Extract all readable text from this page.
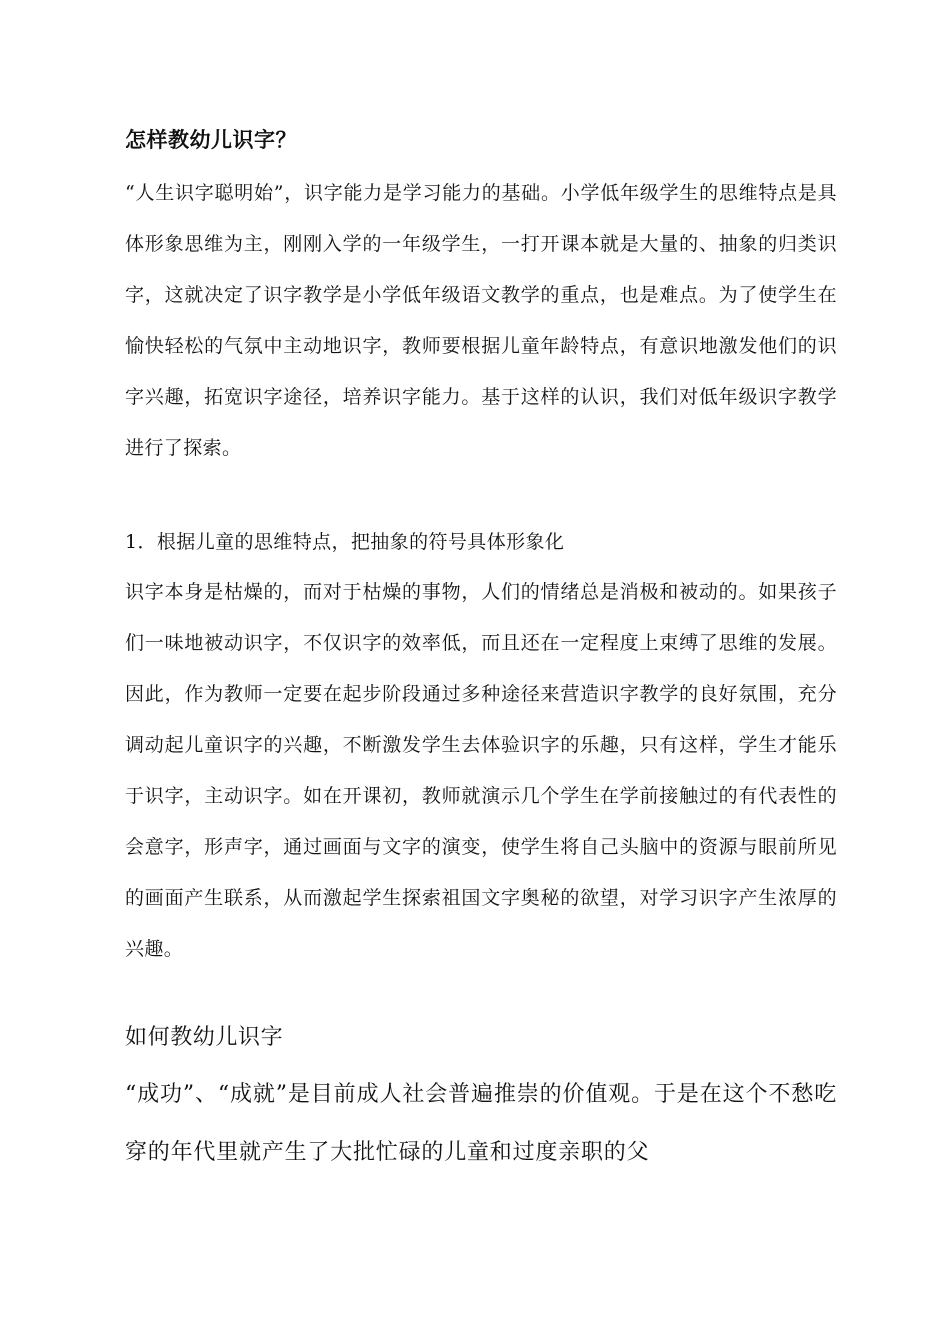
怎样教幼儿识字？

“人生识字聪明始”，识字能力是学习能力的基础。小学低年级学生的思维特点是具体形象思维为主，刚刚入学的一年级学生，一打开课本就是大量的、抽象的归类识字，这就决定了识字教学是小学低年级语文教学的重点，也是难点。为了使学生在愉快轻松的气氛中主动地识字，教师要根据儿童年龄特点，有意识地激发他们的识字兴趣，拓宽识字途径，培养识字能力。基于这样的认识，我们对低年级识字教学进行了探索。

1．根据儿童的思维特点，把抽象的符号具体形象化

识字本身是枯燥的，而对于枯燥的事物，人们的情绪总是消极和被动的。如果孩子们一味地被动识字，不仅识字的效率低，而且还在一定程度上束缚了思维的发展。因此，作为教师一定要在起步阶段通过多种途径来营造识字教学的良好氛围，充分调动起儿童识字的兴趣，不断激发学生去体验识字的乐趣，只有这样，学生才能乐于识字，主动识字。如在开课初，教师就演示几个学生在学前接触过的有代表性的会意字，形声字，通过画面与文字的演变，使学生将自己头脑中的资源与眼前所见的画面产生联系，从而激起学生探索祖国文字奥秘的欲望，对学习识字产生浓厚的兴趣。

如何教幼儿识字

“成功”、“成就”是目前成人社会普遍推崇的价值观。于是在这个不愁吃穿的年代里就产生了大批忙碌的儿童和过度亲职的父
